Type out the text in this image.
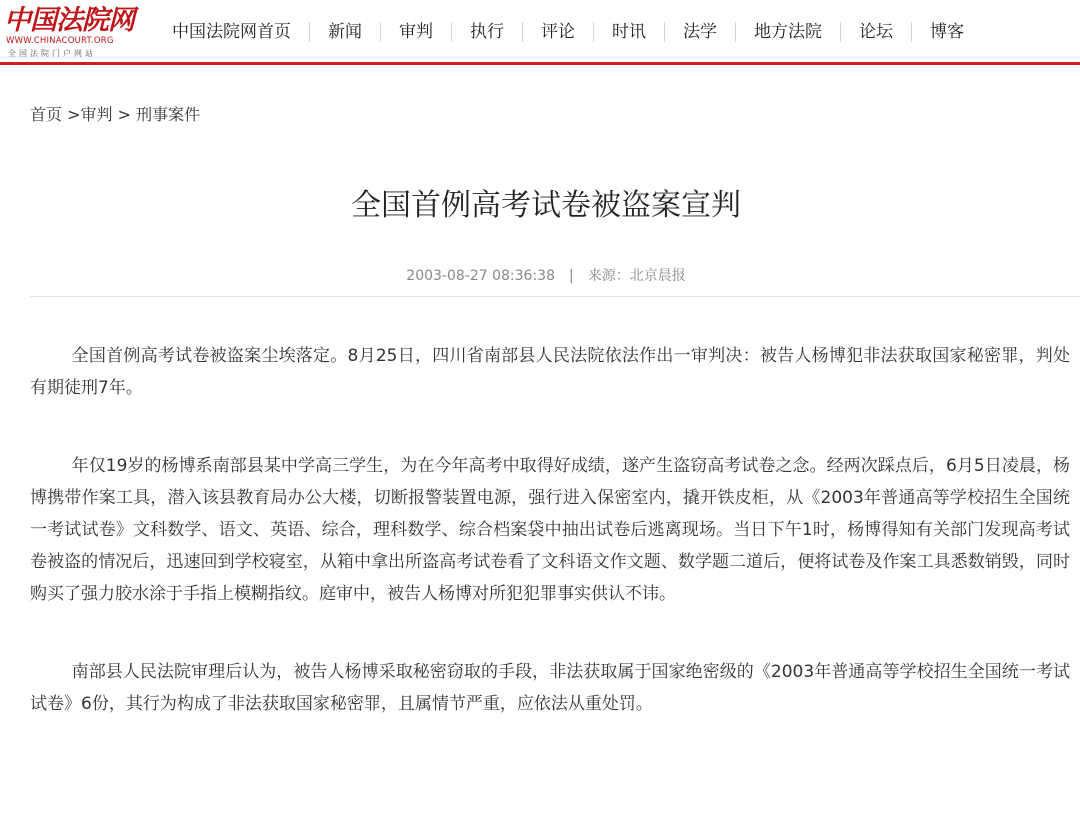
中国法院网
WWW.CHINACOURT.ORG
全国法院门户网站
中国法院网首页	新闻	审判	执行	评论	时讯	法学	地方法院	论坛	博客
首页 >审判 > 刑事案件
全国首例高考试卷被盗案宣判
2003-08-27 08:36:38 | 来源：北京晨报

全国首例高考试卷被盗案尘埃落定。8月25日，四川省南部县人民法院依法作出一审判决：被告人杨博犯非法获取国家秘密罪，判处有期徒刑7年。

年仅19岁的杨博系南部县某中学高三学生，为在今年高考中取得好成绩，遂产生盗窃高考试卷之念。经两次踩点后，6月5日凌晨，杨博携带作案工具，潜入该县教育局办公大楼，切断报警装置电源，强行进入保密室内，撬开铁皮柜，从《2003年普通高等学校招生全国统一考试试卷》文科数学、语文、英语、综合，理科数学、综合档案袋中抽出试卷后逃离现场。当日下午1时，杨博得知有关部门发现高考试卷被盗的情况后，迅速回到学校寝室，从箱中拿出所盗高考试卷看了文科语文作文题、数学题二道后，便将试卷及作案工具悉数销毁，同时购买了强力胶水涂于手指上模糊指纹。庭审中，被告人杨博对所犯犯罪事实供认不讳。

南部县人民法院审理后认为，被告人杨博采取秘密窃取的手段，非法获取属于国家绝密级的《2003年普通高等学校招生全国统一考试试卷》6份，其行为构成了非法获取国家秘密罪，且属情节严重，应依法从重处罚。
